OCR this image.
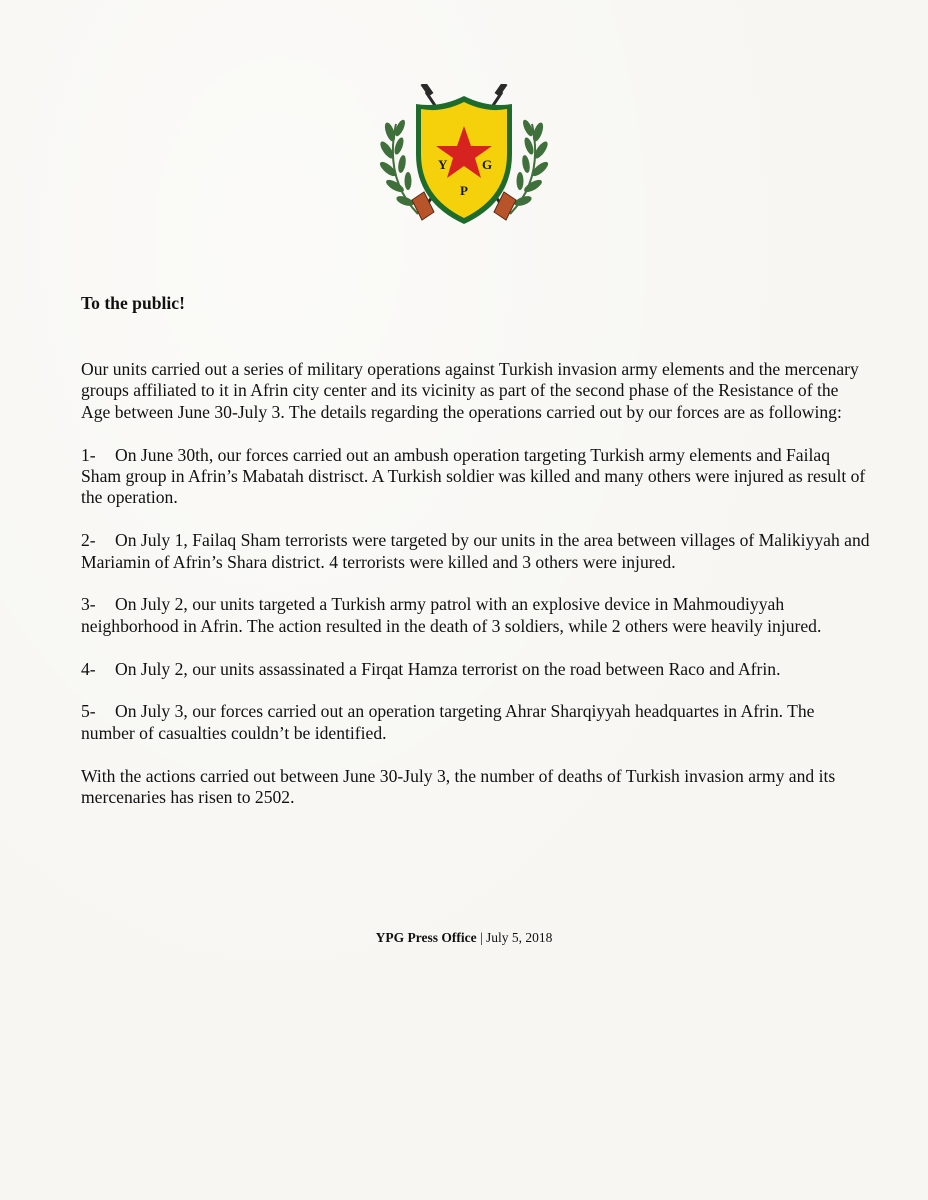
Y	G
P

To the public!

Our units carried out a series of military operations against Turkish invasion army elements and the mercenary groups affiliated to it in Afrin city center and its vicinity as part of the second phase of the Resistance of the Age between June 30-July 3. The details regarding the operations carried out by our forces are as following:

1- On June 30th, our forces carried out an ambush operation targeting Turkish army elements and Failaq Sham group in Afrin’s Mabatah distrisct. A Turkish soldier was killed and many others were injured as result of the operation.

2- On July 1, Failaq Sham terrorists were targeted by our units in the area between villages of Malikiyyah and Mariamin of Afrin’s Shara district. 4 terrorists were killed and 3 others were injured.

3- On July 2, our units targeted a Turkish army patrol with an explosive device in Mahmoudiyyah neighborhood in Afrin. The action resulted in the death of 3 soldiers, while 2 others were heavily injured.

4- On July 2, our units assassinated a Firqat Hamza terrorist on the road between Raco and Afrin.

5- On July 3, our forces carried out an operation targeting Ahrar Sharqiyyah headquartes in Afrin. The number of casualties couldn’t be identified.

With the actions carried out between June 30-July 3, the number of deaths of Turkish invasion army and its mercenaries has risen to 2502.

YPG Press Office | July 5, 2018
